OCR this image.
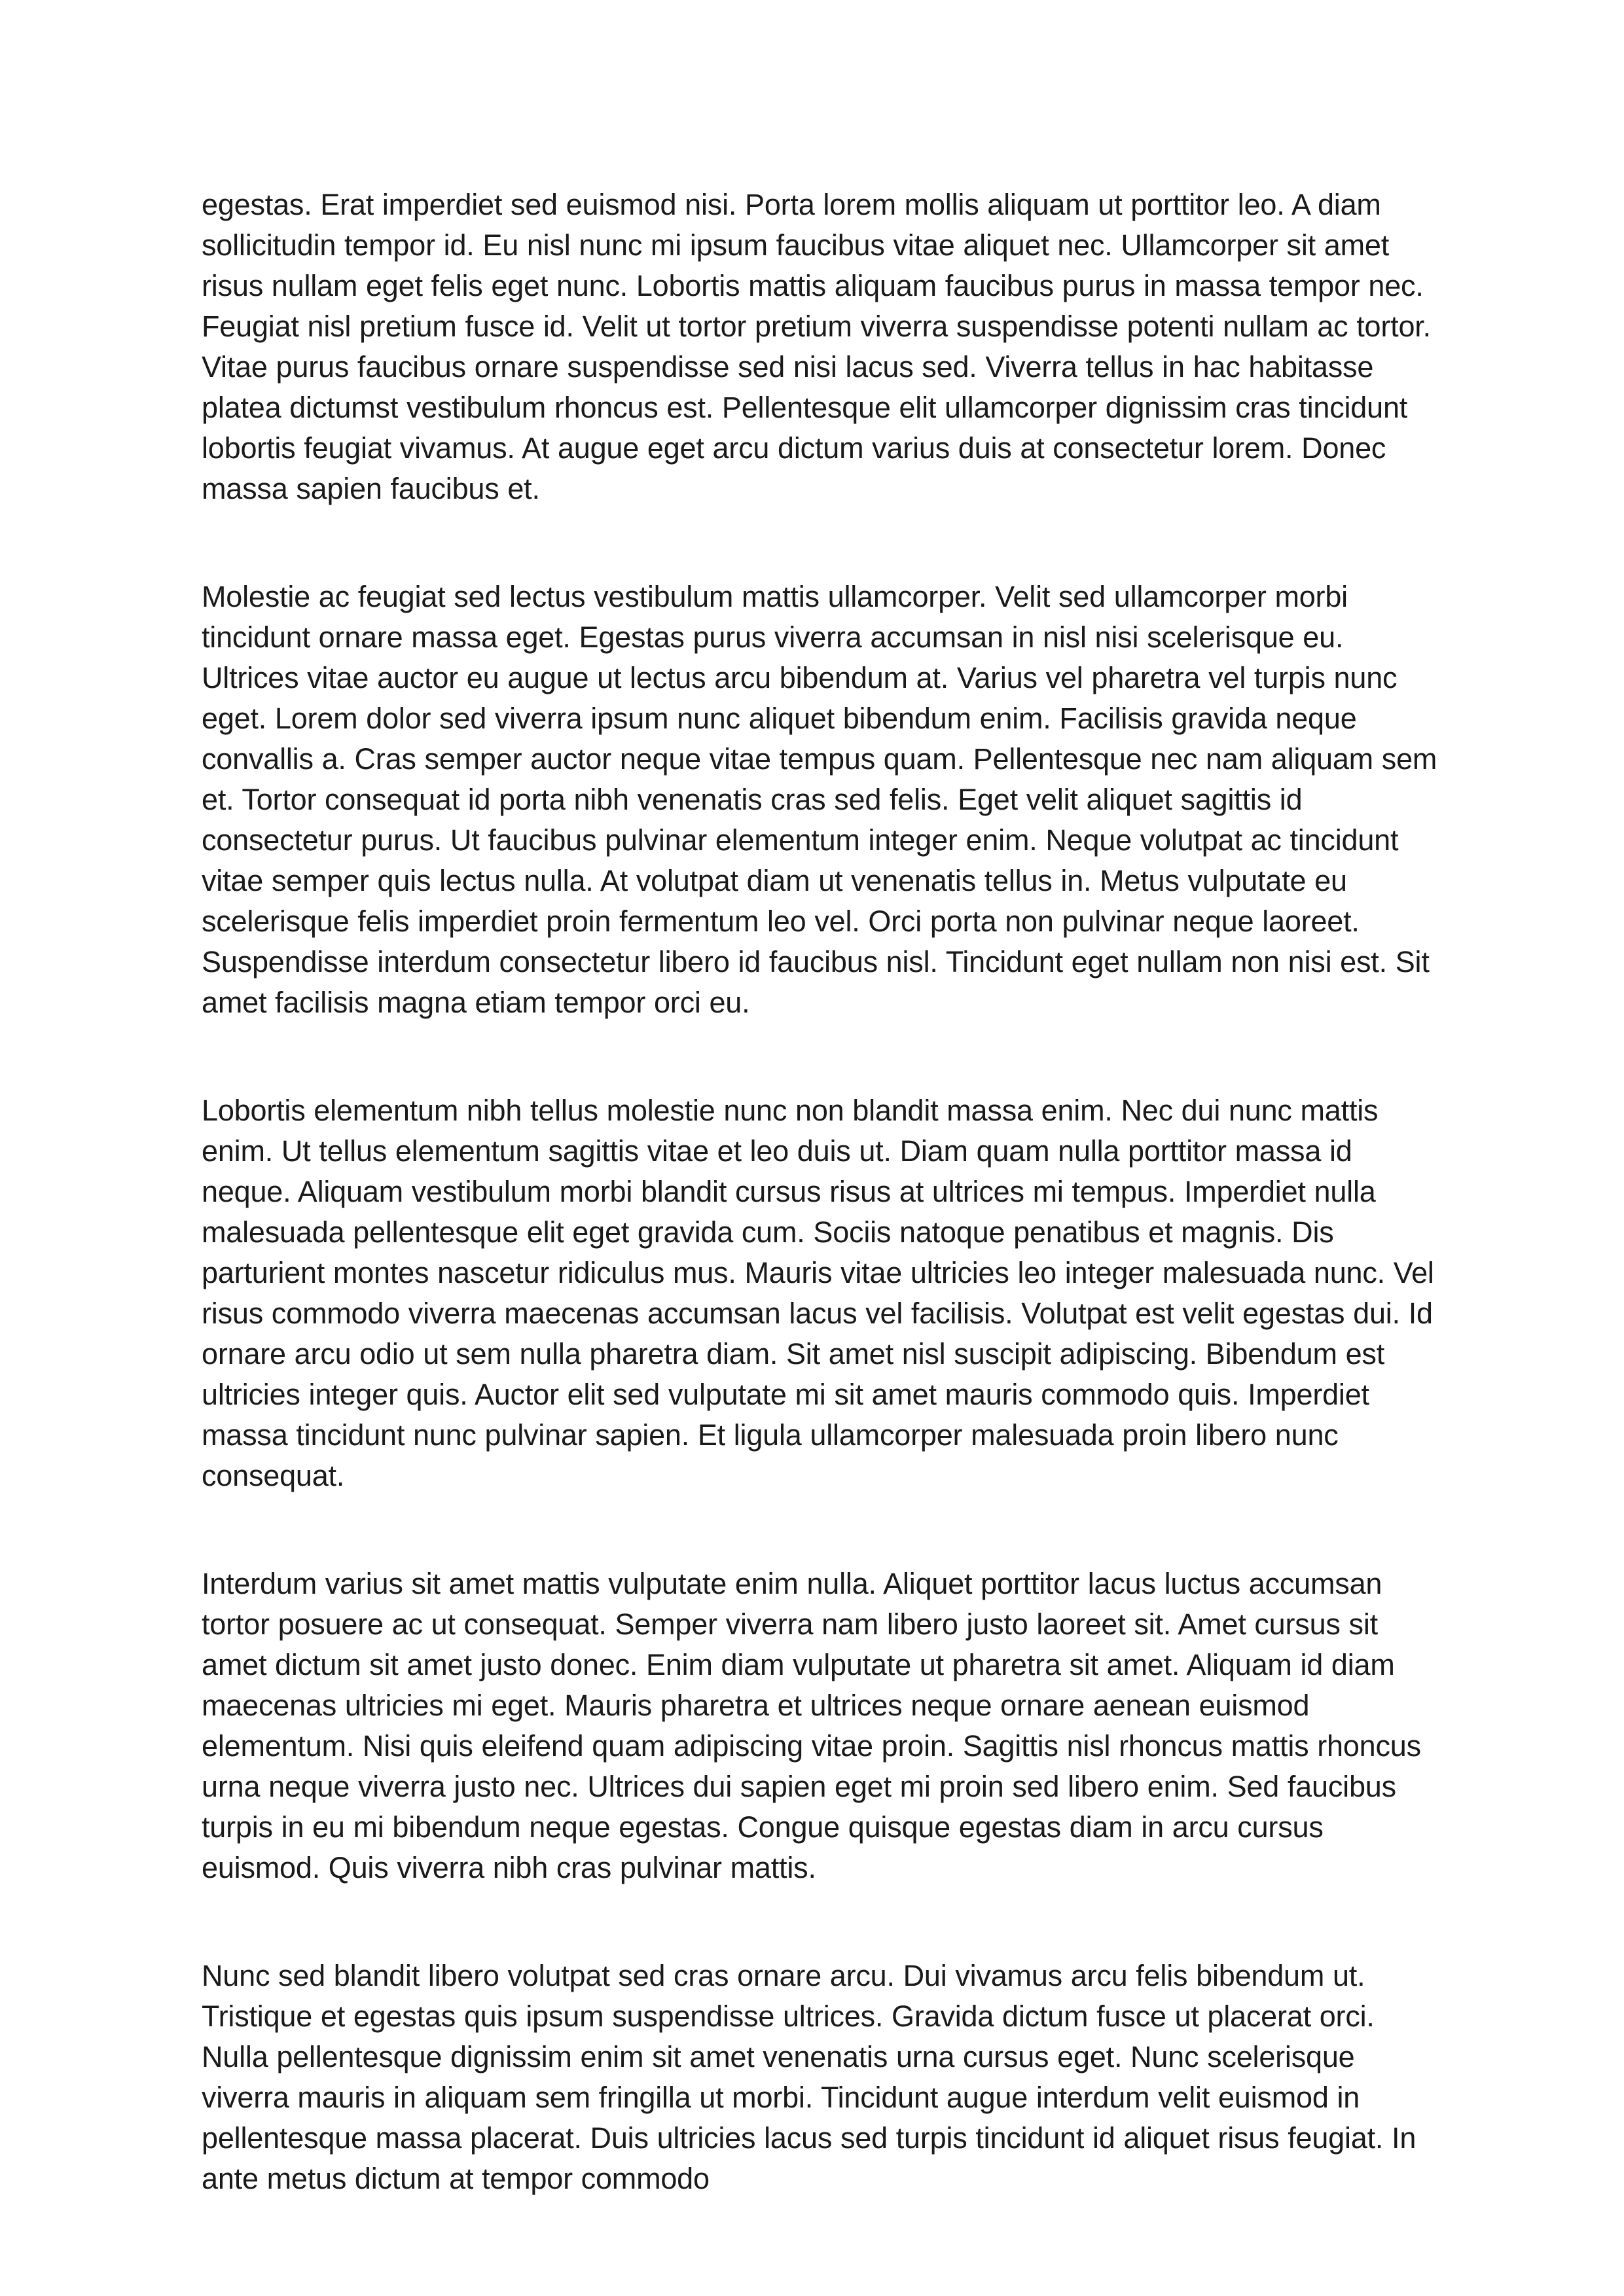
egestas. Erat imperdiet sed euismod nisi. Porta lorem mollis aliquam ut porttitor leo. A diam sollicitudin tempor id. Eu nisl nunc mi ipsum faucibus vitae aliquet nec. Ullamcorper sit amet risus nullam eget felis eget nunc. Lobortis mattis aliquam faucibus purus in massa tempor nec. Feugiat nisl pretium fusce id. Velit ut tortor pretium viverra suspendisse potenti nullam ac tortor. Vitae purus faucibus ornare suspendisse sed nisi lacus sed. Viverra tellus in hac habitasse platea dictumst vestibulum rhoncus est. Pellentesque elit ullamcorper dignissim cras tincidunt lobortis feugiat vivamus. At augue eget arcu dictum varius duis at consectetur lorem. Donec massa sapien faucibus et.

Molestie ac feugiat sed lectus vestibulum mattis ullamcorper. Velit sed ullamcorper morbi tincidunt ornare massa eget. Egestas purus viverra accumsan in nisl nisi scelerisque eu. Ultrices vitae auctor eu augue ut lectus arcu bibendum at. Varius vel pharetra vel turpis nunc eget. Lorem dolor sed viverra ipsum nunc aliquet bibendum enim. Facilisis gravida neque convallis a. Cras semper auctor neque vitae tempus quam. Pellentesque nec nam aliquam sem et. Tortor consequat id porta nibh venenatis cras sed felis. Eget velit aliquet sagittis id consectetur purus. Ut faucibus pulvinar elementum integer enim. Neque volutpat ac tincidunt vitae semper quis lectus nulla. At volutpat diam ut venenatis tellus in. Metus vulputate eu scelerisque felis imperdiet proin fermentum leo vel. Orci porta non pulvinar neque laoreet. Suspendisse interdum consectetur libero id faucibus nisl. Tincidunt eget nullam non nisi est. Sit amet facilisis magna etiam tempor orci eu.

Lobortis elementum nibh tellus molestie nunc non blandit massa enim. Nec dui nunc mattis enim. Ut tellus elementum sagittis vitae et leo duis ut. Diam quam nulla porttitor massa id neque. Aliquam vestibulum morbi blandit cursus risus at ultrices mi tempus. Imperdiet nulla malesuada pellentesque elit eget gravida cum. Sociis natoque penatibus et magnis. Dis parturient montes nascetur ridiculus mus. Mauris vitae ultricies leo integer malesuada nunc. Vel risus commodo viverra maecenas accumsan lacus vel facilisis. Volutpat est velit egestas dui. Id ornare arcu odio ut sem nulla pharetra diam. Sit amet nisl suscipit adipiscing. Bibendum est ultricies integer quis. Auctor elit sed vulputate mi sit amet mauris commodo quis. Imperdiet massa tincidunt nunc pulvinar sapien. Et ligula ullamcorper malesuada proin libero nunc consequat.

Interdum varius sit amet mattis vulputate enim nulla. Aliquet porttitor lacus luctus accumsan tortor posuere ac ut consequat. Semper viverra nam libero justo laoreet sit. Amet cursus sit amet dictum sit amet justo donec. Enim diam vulputate ut pharetra sit amet. Aliquam id diam maecenas ultricies mi eget. Mauris pharetra et ultrices neque ornare aenean euismod elementum. Nisi quis eleifend quam adipiscing vitae proin. Sagittis nisl rhoncus mattis rhoncus urna neque viverra justo nec. Ultrices dui sapien eget mi proin sed libero enim. Sed faucibus turpis in eu mi bibendum neque egestas. Congue quisque egestas diam in arcu cursus euismod. Quis viverra nibh cras pulvinar mattis.

Nunc sed blandit libero volutpat sed cras ornare arcu. Dui vivamus arcu felis bibendum ut. Tristique et egestas quis ipsum suspendisse ultrices. Gravida dictum fusce ut placerat orci. Nulla pellentesque dignissim enim sit amet venenatis urna cursus eget. Nunc scelerisque viverra mauris in aliquam sem fringilla ut morbi. Tincidunt augue interdum velit euismod in pellentesque massa placerat. Duis ultricies lacus sed turpis tincidunt id aliquet risus feugiat. In ante metus dictum at tempor commodo
